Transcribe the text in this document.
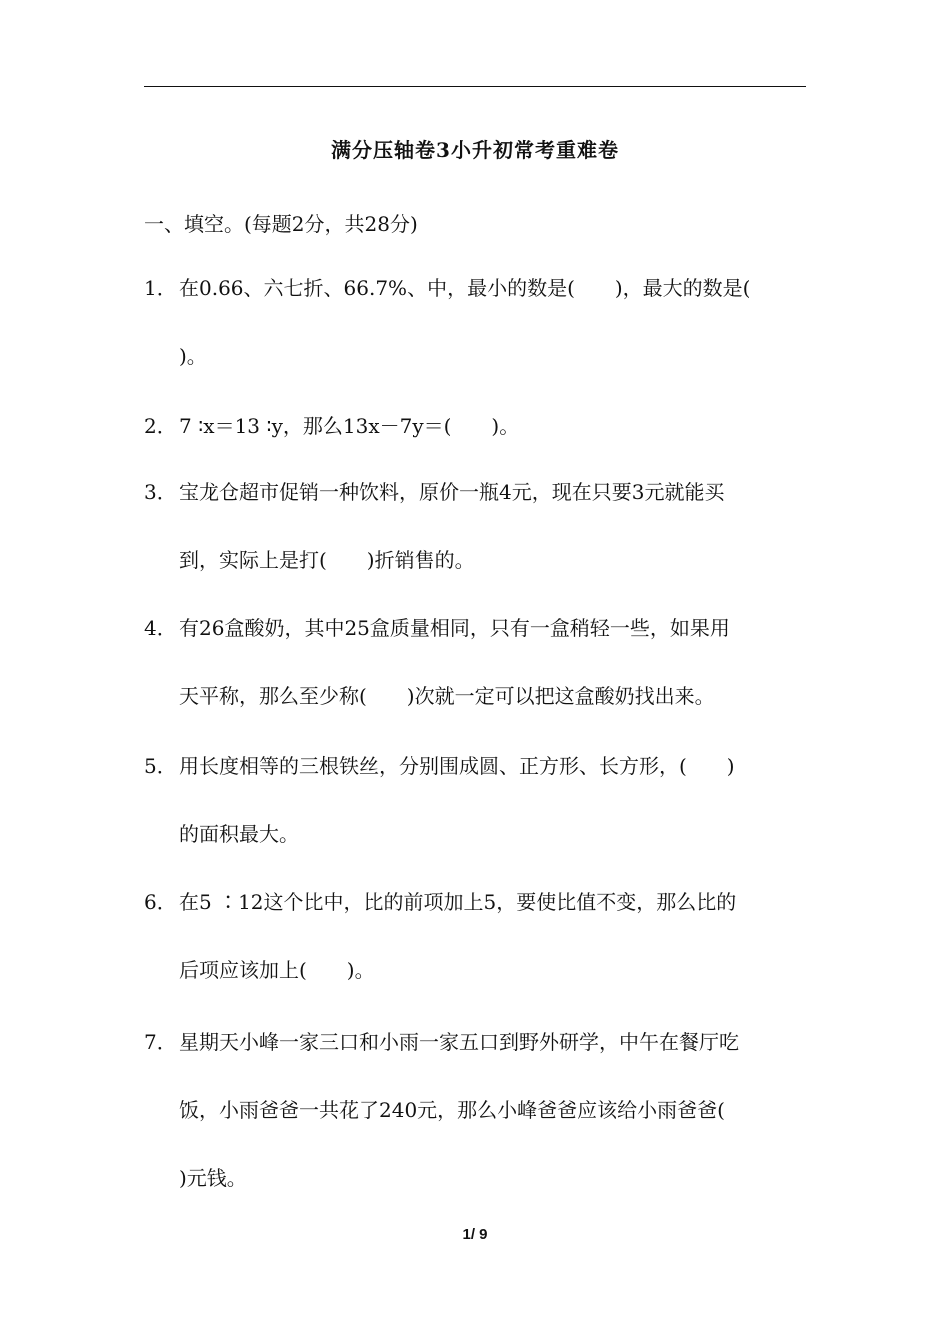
满分压轴卷3小升初常考重难卷
一、填空。(每题2分，共28分)
1． 在0.66、六七折、66.7%、中，最小的数是(　　)，最大的数是(
)。
2． 7 ∶x＝13 ∶y，那么13x－7y＝(　　)。
3． 宝龙仓超市促销一种饮料，原价一瓶4元，现在只要3元就能买
到，实际上是打(　　)折销售的。
4． 有26盒酸奶，其中25盒质量相同，只有一盒稍轻一些，如果用
天平称，那么至少称(　　)次就一定可以把这盒酸奶找出来。
5． 用长度相等的三根铁丝，分别围成圆、正方形、长方形，(　　)
的面积最大。
6． 在5 ∶12这个比中，比的前项加上5，要使比值不变，那么比的
后项应该加上(　　)。
7． 星期天小峰一家三口和小雨一家五口到野外研学，中午在餐厅吃
饭，小雨爸爸一共花了240元，那么小峰爸爸应该给小雨爸爸(
)元钱。
1/ 9
